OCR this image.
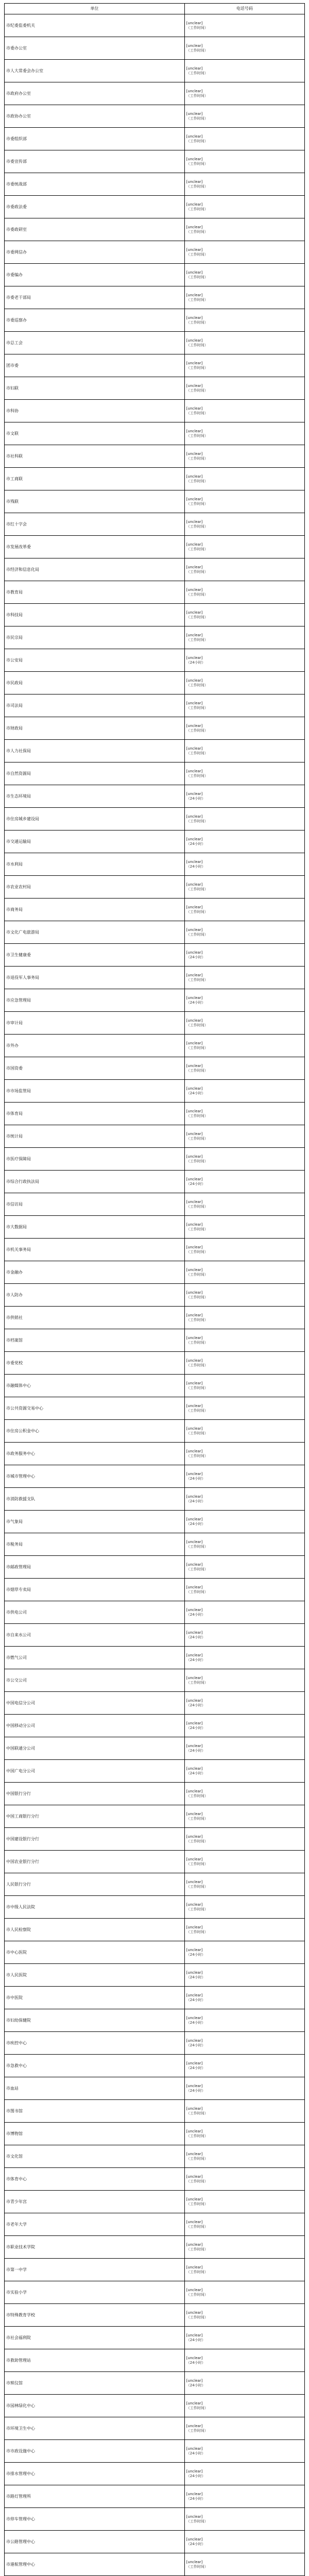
单位	电话号码
市纪委监委机关	[unclear]
（工作时间）

市委办公室	[unclear]
（工作时间）

市人大常委会办公室	[unclear]
（工作时间）

市政府办公室	[unclear]
（工作时间）

市政协办公室	[unclear]
（工作时间）

市委组织部	[unclear]
（工作时间）

市委宣传部	[unclear]
（工作时间）

市委统战部	[unclear]
（工作时间）

市委政法委	[unclear]
（工作时间）

市委政研室	[unclear]
（工作时间）

市委网信办	[unclear]
（工作时间）

市委编办	[unclear]
（工作时间）

市委老干部局	[unclear]
（工作时间）

市委巡察办	[unclear]
（工作时间）

市总工会	[unclear]
（工作时间）

团市委	[unclear]
（工作时间）

市妇联	[unclear]
（工作时间）

市科协	[unclear]
（工作时间）

市文联	[unclear]
（工作时间）

市社科联	[unclear]
（工作时间）

市工商联	[unclear]
（工作时间）

市残联	[unclear]
（工作时间）

市红十字会	[unclear]
（工作时间）

市发展改革委	[unclear]
（工作时间）

市经济和信息化局	[unclear]
（工作时间）

市教育局	[unclear]
（工作时间）

市科技局	[unclear]
（工作时间）

市民宗局	[unclear]
（工作时间）

市公安局	[unclear]
（24小时）

市民政局	[unclear]
（工作时间）

市司法局	[unclear]
（工作时间）

市财政局	[unclear]
（工作时间）

市人力社保局	[unclear]
（工作时间）

市自然资源局	[unclear]
（工作时间）

市生态环境局	[unclear]
（24小时）

市住房城乡建设局	[unclear]
（工作时间）

市交通运输局	[unclear]
（24小时）

市水利局	[unclear]
（24小时）

市农业农村局	[unclear]
（工作时间）

市商务局	[unclear]
（工作时间）

市文化广电旅游局	[unclear]
（工作时间）

市卫生健康委	[unclear]
（24小时）

市退役军人事务局	[unclear]
（工作时间）

市应急管理局	[unclear]
（24小时）

市审计局	[unclear]
（工作时间）

市外办	[unclear]
（工作时间）

市国资委	[unclear]
（工作时间）

市市场监管局	[unclear]
（24小时）

市体育局	[unclear]
（工作时间）

市统计局	[unclear]
（工作时间）

市医疗保障局	[unclear]
（工作时间）

市综合行政执法局	[unclear]
（24小时）

市信访局	[unclear]
（工作时间）

市大数据局	[unclear]
（工作时间）

市机关事务局	[unclear]
（工作时间）

市金融办	[unclear]
（工作时间）

市人防办	[unclear]
（工作时间）

市供销社	[unclear]
（工作时间）

市档案馆	[unclear]
（工作时间）

市委党校	[unclear]
（工作时间）

市融媒体中心	[unclear]
（工作时间）

市公共资源交易中心	[unclear]
（工作时间）

市住房公积金中心	[unclear]
（工作时间）

市政务服务中心	[unclear]
（工作时间）

市城市管理中心	[unclear]
（24小时）

市消防救援支队	[unclear]
（24小时）

市气象局	[unclear]
（24小时）

市税务局	[unclear]
（工作时间）

市邮政管理局	[unclear]
（工作时间）

市烟草专卖局	[unclear]
（工作时间）

市供电公司	[unclear]
（24小时）

市自来水公司	[unclear]
（24小时）

市燃气公司	[unclear]
（24小时）

市公交公司	[unclear]
（工作时间）

中国电信分公司	[unclear]
（24小时）

中国移动分公司	[unclear]
（24小时）

中国联通分公司	[unclear]
（24小时）

中国广电分公司	[unclear]
（24小时）

中国银行分行	[unclear]
（工作时间）

中国工商银行分行	[unclear]
（工作时间）

中国建设银行分行	[unclear]
（工作时间）

中国农业银行分行	[unclear]
（工作时间）

人民银行分行	[unclear]
（工作时间）

市中级人民法院	[unclear]
（工作时间）

市人民检察院	[unclear]
（工作时间）

市中心医院	[unclear]
（24小时）

市人民医院	[unclear]
（24小时）

市中医院	[unclear]
（24小时）

市妇幼保健院	[unclear]
（24小时）

市疾控中心	[unclear]
（24小时）

市急救中心	[unclear]
（24小时）

市血站	[unclear]
（24小时）

市图书馆	[unclear]
（工作时间）

市博物馆	[unclear]
（工作时间）

市文化馆	[unclear]
（工作时间）

市体育中心	[unclear]
（工作时间）

市青少年宫	[unclear]
（工作时间）

市老年大学	[unclear]
（工作时间）

市职业技术学院	[unclear]
（工作时间）

市第一中学	[unclear]
（工作时间）

市实验小学	[unclear]
（工作时间）

市特殊教育学校	[unclear]
（工作时间）

市社会福利院	[unclear]
（24小时）

市救助管理站	[unclear]
（24小时）

市殡仪馆	[unclear]
（24小时）

市园林绿化中心	[unclear]
（工作时间）

市环境卫生中心	[unclear]
（工作时间）

市市政设施中心	[unclear]
（24小时）

市排水管理中心	[unclear]
（24小时）

市路灯管理所	[unclear]
（24小时）

市停车管理中心	[unclear]
（工作时间）

市公路管理中心	[unclear]
（24小时）

市港航管理中心	[unclear]
（工作时间）
